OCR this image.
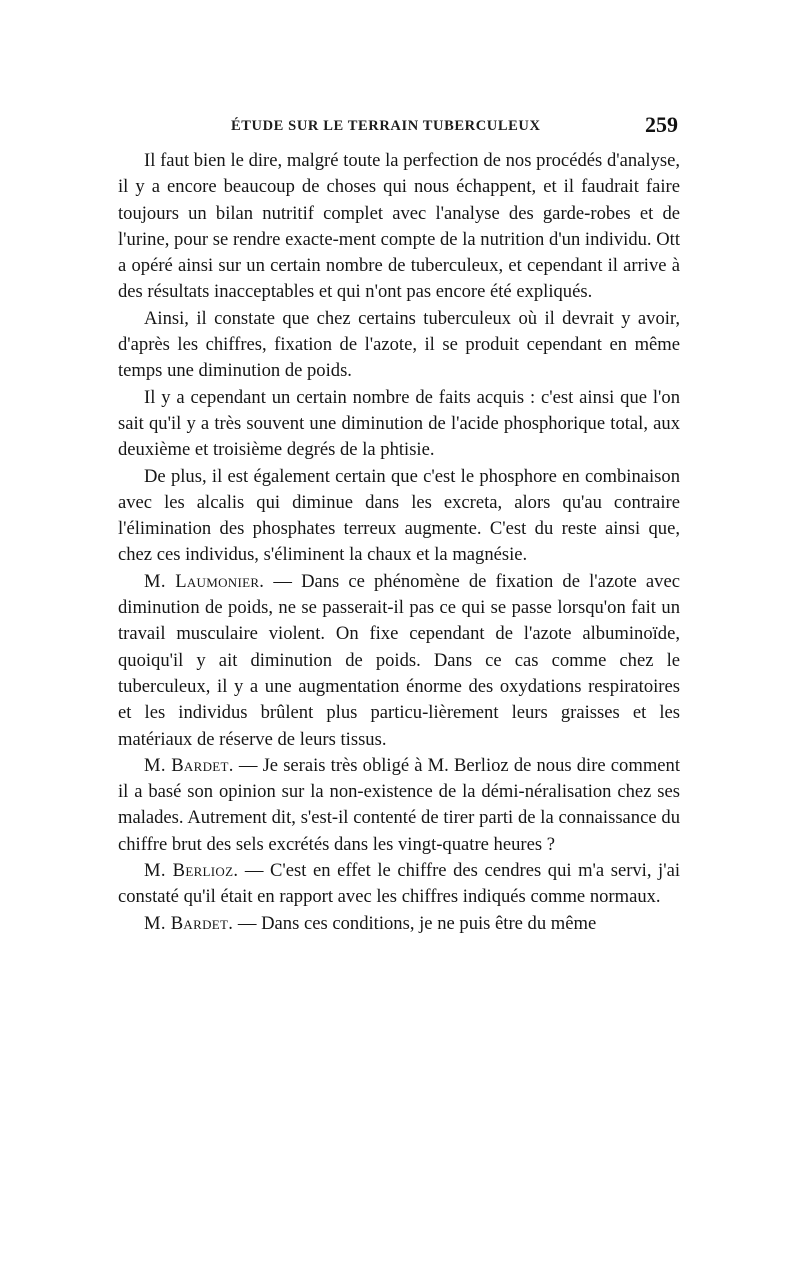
ÉTUDE SUR LE TERRAIN TUBERCULEUX	259

Il faut bien le dire, malgré toute la perfection de nos procédés d'analyse, il y a encore beaucoup de choses qui nous échappent, et il faudrait faire toujours un bilan nutritif complet avec l'analyse des garde-robes et de l'urine, pour se rendre exacte-ment compte de la nutrition d'un individu. Ott a opéré ainsi sur un certain nombre de tuberculeux, et cependant il arrive à des résultats inacceptables et qui n'ont pas encore été expliqués.

Ainsi, il constate que chez certains tuberculeux où il devrait y avoir, d'après les chiffres, fixation de l'azote, il se produit cependant en même temps une diminution de poids.

Il y a cependant un certain nombre de faits acquis : c'est ainsi que l'on sait qu'il y a très souvent une diminution de l'acide phosphorique total, aux deuxième et troisième degrés de la phtisie.

De plus, il est également certain que c'est le phosphore en combinaison avec les alcalis qui diminue dans les excreta, alors qu'au contraire l'élimination des phosphates terreux augmente. C'est du reste ainsi que, chez ces individus, s'éliminent la chaux et la magnésie.

M. Laumonier. — Dans ce phénomène de fixation de l'azote avec diminution de poids, ne se passerait-il pas ce qui se passe lorsqu'on fait un travail musculaire violent. On fixe cependant de l'azote albuminoïde, quoiqu'il y ait diminution de poids. Dans ce cas comme chez le tuberculeux, il y a une augmentation énorme des oxydations respiratoires et les individus brûlent plus particu-lièrement leurs graisses et les matériaux de réserve de leurs tissus.

M. Bardet. — Je serais très obligé à M. Berlioz de nous dire comment il a basé son opinion sur la non-existence de la démi-néralisation chez ses malades. Autrement dit, s'est-il contenté de tirer parti de la connaissance du chiffre brut des sels excrétés dans les vingt-quatre heures ?

M. Berlioz. — C'est en effet le chiffre des cendres qui m'a servi, j'ai constaté qu'il était en rapport avec les chiffres indiqués comme normaux.

M. Bardet. — Dans ces conditions, je ne puis être du même
